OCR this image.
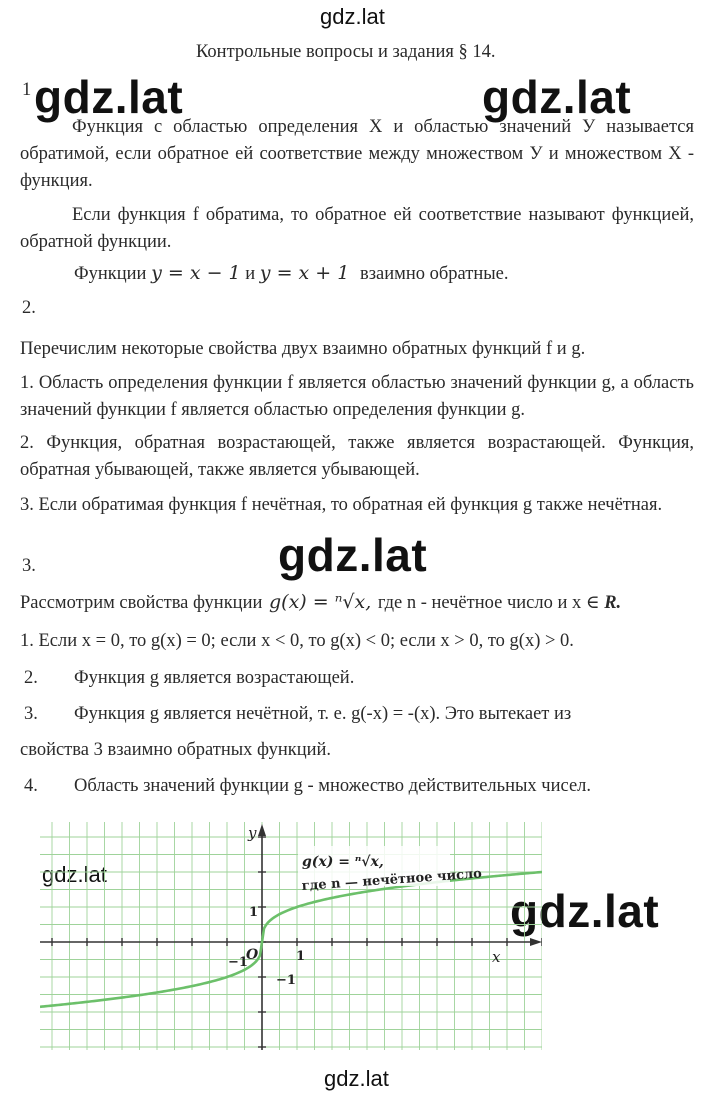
gdz.lat
gdz.lat	gdz.lat
gdz.lat
gdz.lat
gdz.lat
gdz.lat
Контрольные вопросы и задания § 14.
1
Функция с областью определения X и областью значений У называется обратимой, если обратное ей соответствие между множеством У и множеством X - функция.
Если функция f обратима, то обратное ей соответствие называют функцией, обратной функции.
Функции y = x − 1 и y = x + 1 взаимно обратные.
2.
Перечислим некоторые свойства двух взаимно обратных функций f и g.
1. Область определения функции f является областью значений функции g, а область значений функции f является областью определения функции g.
2. Функция, обратная возрастающей, также является возрастающей. Функция, обратная убывающей, также является убывающей.
3. Если обратимая функция f нечётная, то обратная ей функция g также нечётная.
3.
Рассмотрим свойства функции g(x) = ⁿ√x, где n - нечётное число и x ∈ R.
1. Если x = 0, то g(x) = 0; если x < 0, то g(x) < 0; если x > 0, то g(x) > 0.
2. Функция g является возрастающей.
3. Функция g является нечётной, т. е. g(-x) = -(x). Это вытекает из
свойства 3 взаимно обратных функций.
4. Область значений функции g - множество действительных чисел.
y
x
O
1
1
−1
−1
g(x) = ⁿ√x,
где n — нечётное число
